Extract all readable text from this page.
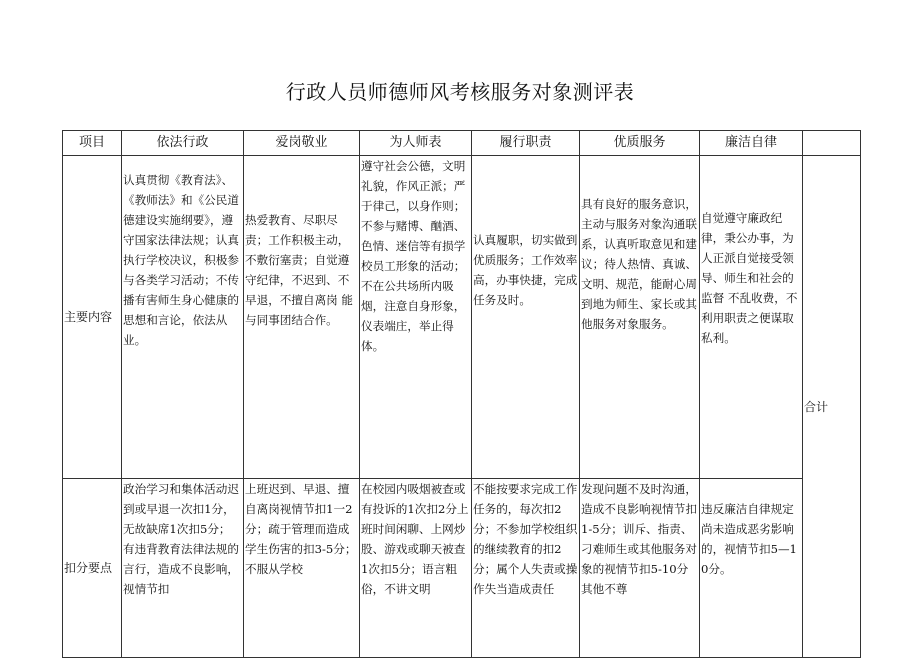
行政人员师德师风考核服务对象测评表
项目	依法行政	爱岗敬业	为人师表	履行职责	优质服务	廉洁自律	
主要内容	认真贯彻《教育法》、《教师法》和《公民道德建设实施纲要》，遵守国家法律法规；认真执行学校决议，积极参与各类学习活动；不传播有害师生身心健康的思想和言论，依法从业。	热爱教育、尽职尽责；工作积极主动，不敷衍塞责；自觉遵守纪律，不迟到、不早退，不擅自离岗 能与同事团结合作。	遵守社会公德，文明礼貌，作风正派；严于律己，以身作则；不参与赌博、酗酒、色情、迷信等有损学校员工形象的活动；不在公共场所内吸烟，注意自身形象，仪表端庄，举止得体。	认真履职，切实做到优质服务；工作效率高，办事快捷，完成任务及时。	具有良好的服务意识，主动与服务对象沟通联系，认真听取意见和建议；待人热情、真诚、文明、规范，能耐心周到地为师生、家长或其他服务对象服务。	自觉遵守廉政纪律，秉公办事，为人正派自觉接受领导、师生和社会的监督 不乱收费，不利用职责之便谋取私利。	合计
扣分要点	政治学习和集体活动迟到或早退一次扣1分，无故缺席1次扣5分；有违背教育法律法规的言行，造成不良影响，视情节扣	上班迟到、早退、擅自离岗视情节扣1一2分；疏于管理而造成学生伤害的扣3-5分；不服从学校	在校园内吸烟被查或有投诉的1次扣2分上班时间闲聊、上网炒股、游戏或聊天被查1次扣5分；语言粗俗，不讲文明	不能按要求完成工作任务的，每次扣2分；不参加学校组织的继续教育的扣2分；属个人失责或操作失当造成责任	发现问题不及时沟通，造成不良影响视情节扣1-5分；训斥、指责、刁难师生或其他服务对象的视情节扣5-10分 其他不尊	违反廉洁自律规定尚未造成恶劣影响的，视情节扣5—10分。	
